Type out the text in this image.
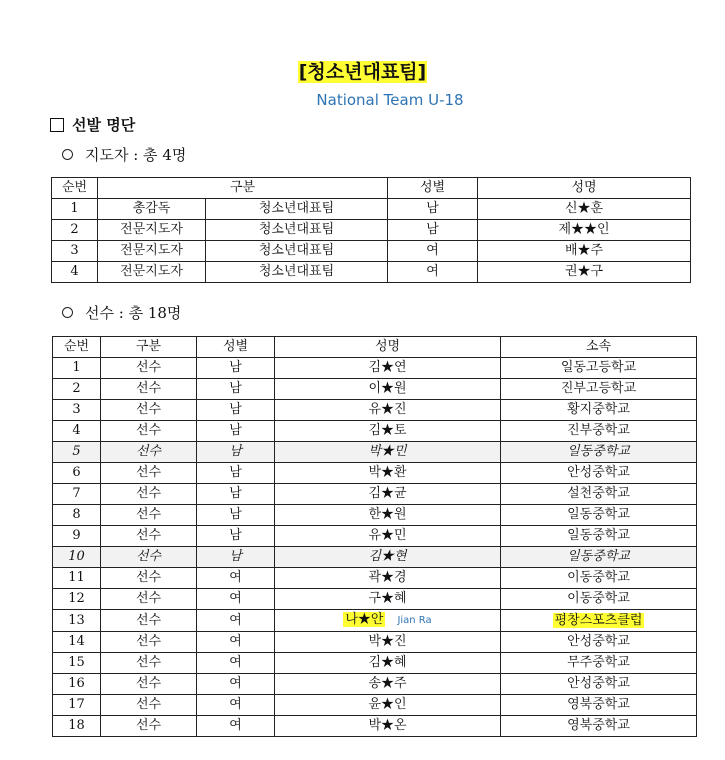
[청소년대표팀]
National Team U-18
선발 명단
지도자 : 총 4명
순번	구분		성별	성명
1	총감독	청소년대표팀	남	신★훈
2	전문지도자	청소년대표팀	남	제★★인
3	전문지도자	청소년대표팀	여	배★주
4	전문지도자	청소년대표팀	여	권★구
선수 : 총 18명
순번	구분	성별	성명	소속
1	선수	남	김★연	일동고등학교
2	선수	남	이★원	진부고등학교
3	선수	남	유★진	황지중학교
4	선수	남	김★토	진부중학교
5	선수	남	박★민	일동중학교
6	선수	남	박★환	안성중학교
7	선수	남	김★균	설천중학교
8	선수	남	한★원	일동중학교
9	선수	남	유★민	일동중학교
10	선수	남	김★현	일동중학교
11	선수	여	곽★경	이동중학교
12	선수	여	구★혜	이동중학교
13	선수	여	나★안 Jian Ra	평창스포츠클럽
14	선수	여	박★진	안성중학교
15	선수	여	김★혜	무주중학교
16	선수	여	송★주	안성중학교
17	선수	여	윤★인	영북중학교
18	선수	여	박★온	영북중학교
